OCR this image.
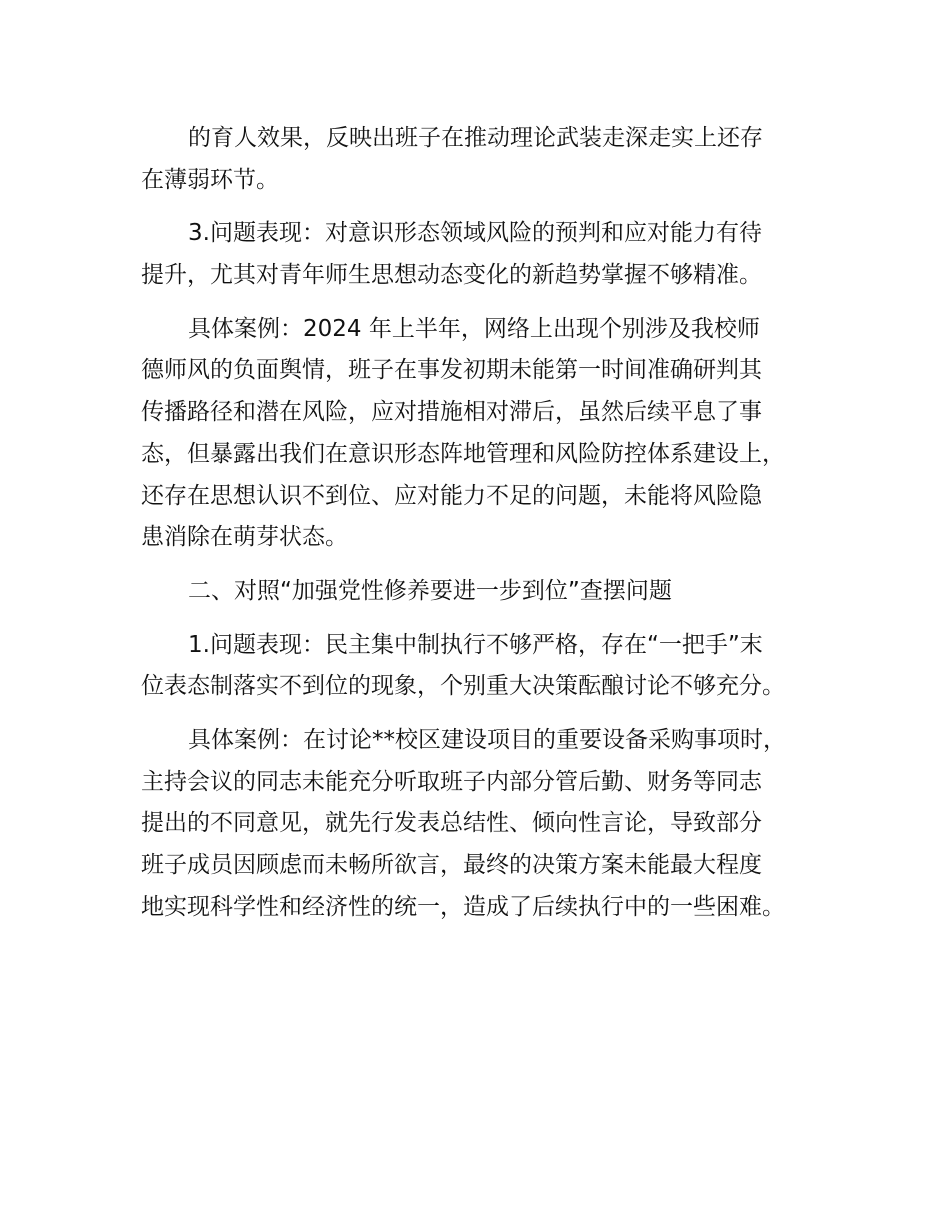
的育人效果，反映出班子在推动理论武装走深走实上还存
在薄弱环节。
3.问题表现：对意识形态领域风险的预判和应对能力有待
提升，尤其对青年师生思想动态变化的新趋势掌握不够精准。
具体案例：2024 年上半年，网络上出现个别涉及我校师
德师风的负面舆情，班子在事发初期未能第一时间准确研判其
传播路径和潜在风险，应对措施相对滞后，虽然后续平息了事
态，但暴露出我们在意识形态阵地管理和风险防控体系建设上，
还存在思想认识不到位、应对能力不足的问题，未能将风险隐
患消除在萌芽状态。
二、对照“加强党性修养要进一步到位”查摆问题
1.问题表现：民主集中制执行不够严格，存在“一把手”末
位表态制落实不到位的现象，个别重大决策酝酿讨论不够充分。
具体案例：在讨论**校区建设项目的重要设备采购事项时，
主持会议的同志未能充分听取班子内部分管后勤、财务等同志
提出的不同意见，就先行发表总结性、倾向性言论，导致部分
班子成员因顾虑而未畅所欲言，最终的决策方案未能最大程度
地实现科学性和经济性的统一，造成了后续执行中的一些困难。
